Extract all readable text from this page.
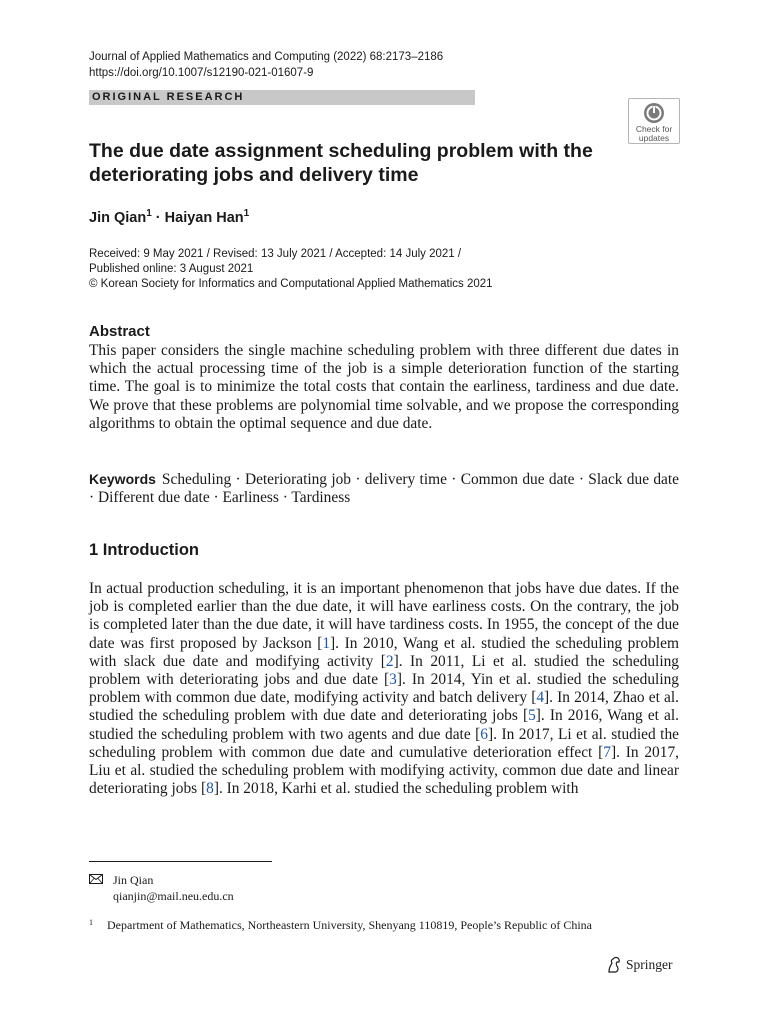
Journal of Applied Mathematics and Computing (2022) 68:2173–2186
https://doi.org/10.1007/s12190-021-01607-9
ORIGINAL RESEARCH
Check for
updates
The due date assignment scheduling problem with the
deteriorating jobs and delivery time
Jin Qian$^1$ · Haiyan Han$^1$
Received: 9 May 2021 / Revised: 13 July 2021 / Accepted: 14 July 2021 /
Published online: 3 August 2021
© Korean Society for Informatics and Computational Applied Mathematics 2021
Abstract
This paper considers the single machine scheduling problem with three different due dates in which the actual processing time of the job is a simple deterioration function of the starting time. The goal is to minimize the total costs that contain the earliness, tardiness and due date. We prove that these problems are polynomial time solvable, and we propose the corresponding algorithms to obtain the optimal sequence and due date.
Keywords Scheduling · Deteriorating job · delivery time · Common due date · Slack due date · Different due date · Earliness · Tardiness
1 Introduction
In actual production scheduling, it is an important phenomenon that jobs have due dates. If the job is completed earlier than the due date, it will have earliness costs. On the contrary, the job is completed later than the due date, it will have tardiness costs. In 1955, the concept of the due date was first proposed by Jackson [1]. In 2010, Wang et al. studied the scheduling problem with slack due date and modifying activity [2]. In 2011, Li et al. studied the scheduling problem with deteriorating jobs and due date [3]. In 2014, Yin et al. studied the scheduling problem with common due date, modifying activity and batch delivery [4]. In 2014, Zhao et al. studied the scheduling problem with due date and deteriorating jobs [5]. In 2016, Wang et al. studied the scheduling problem with two agents and due date [6]. In 2017, Li et al. studied the scheduling problem with common due date and cumulative deterioration effect [7]. In 2017, Liu et al. studied the scheduling problem with modifying activity, common due date and linear deteriorating jobs [8]. In 2018, Karhi et al. studied the scheduling problem with
Jin Qian
qianjin@mail.neu.edu.cn
$^1$ Department of Mathematics, Northeastern University, Shenyang 110819, People’s Republic of China
Springer
